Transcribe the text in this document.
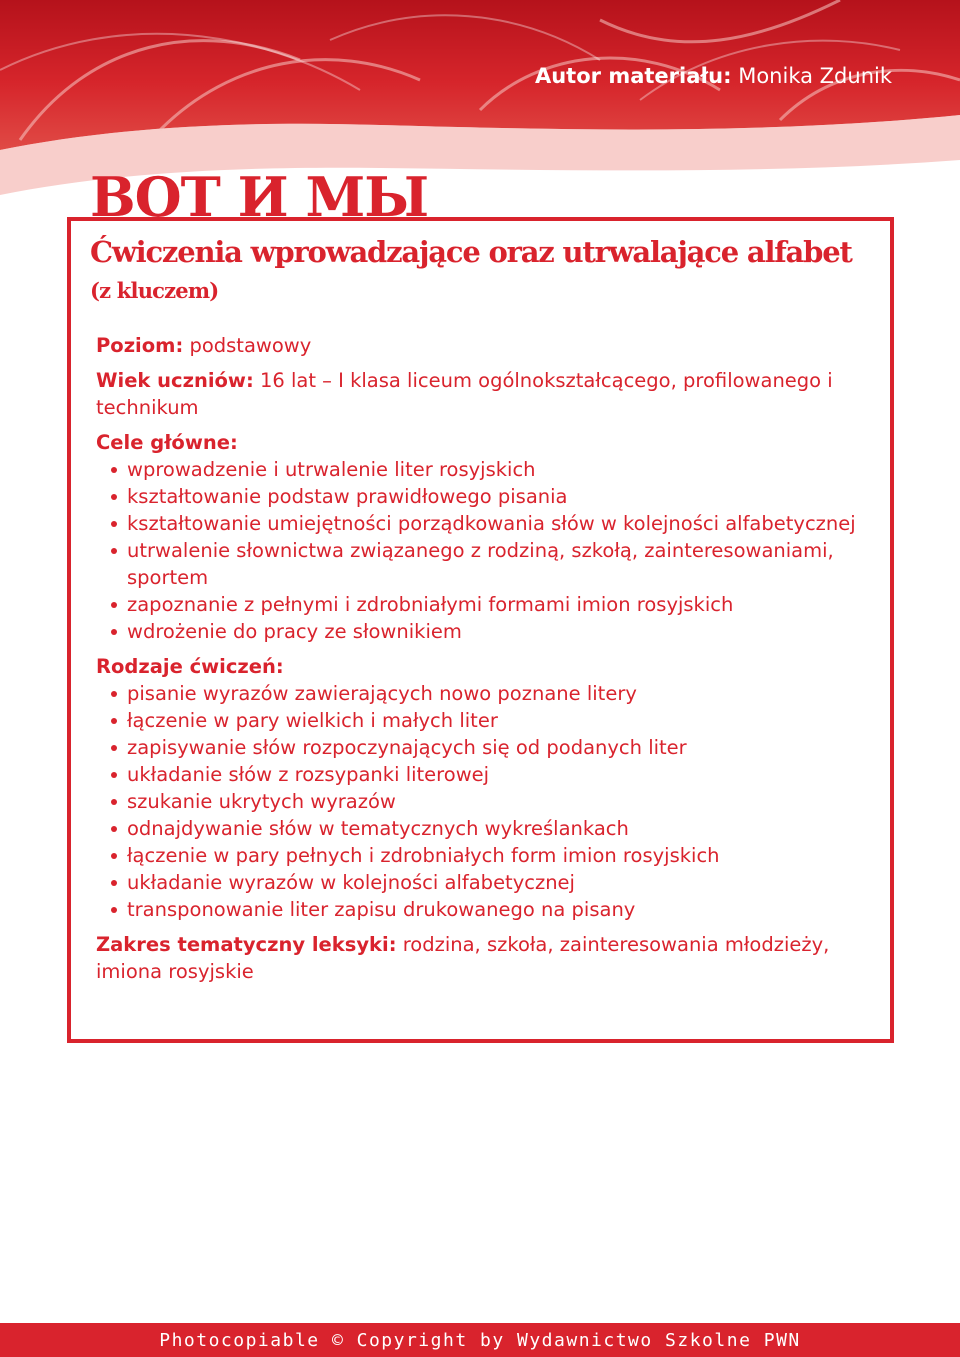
Autor materiału: Monika Zdunik
ВОТ И МЫ
Ćwiczenia wprowadzające oraz utrwalające alfabet
(z kluczem)

Poziom: podstawowy

Wiek uczniów: 16 lat – I klasa liceum ogólnokształcącego, profilowanego i technikum

Cele główne:

wprowadzenie i utrwalenie liter rosyjskich
kształtowanie podstaw prawidłowego pisania
kształtowanie umiejętności porządkowania słów w kolejności alfabetycznej
utrwalenie słownictwa związanego z rodziną, szkołą, zainteresowaniami, sportem
zapoznanie z pełnymi i zdrobniałymi formami imion rosyjskich
wdrożenie do pracy ze słownikiem

Rodzaje ćwiczeń:

pisanie wyrazów zawierających nowo poznane litery
łączenie w pary wielkich i małych liter
zapisywanie słów rozpoczynających się od podanych liter
układanie słów z rozsypanki literowej
szukanie ukrytych wyrazów
odnajdywanie słów w tematycznych wykreślankach
łączenie w pary pełnych i zdrobniałych form imion rosyjskich
układanie wyrazów w kolejności alfabetycznej
transponowanie liter zapisu drukowanego na pisany

Zakres tematyczny leksyki: rodzina, szkoła, zainteresowania młodzieży, imiona rosyjskie

Photocopiable © Copyright by Wydawnictwo Szkolne PWN
